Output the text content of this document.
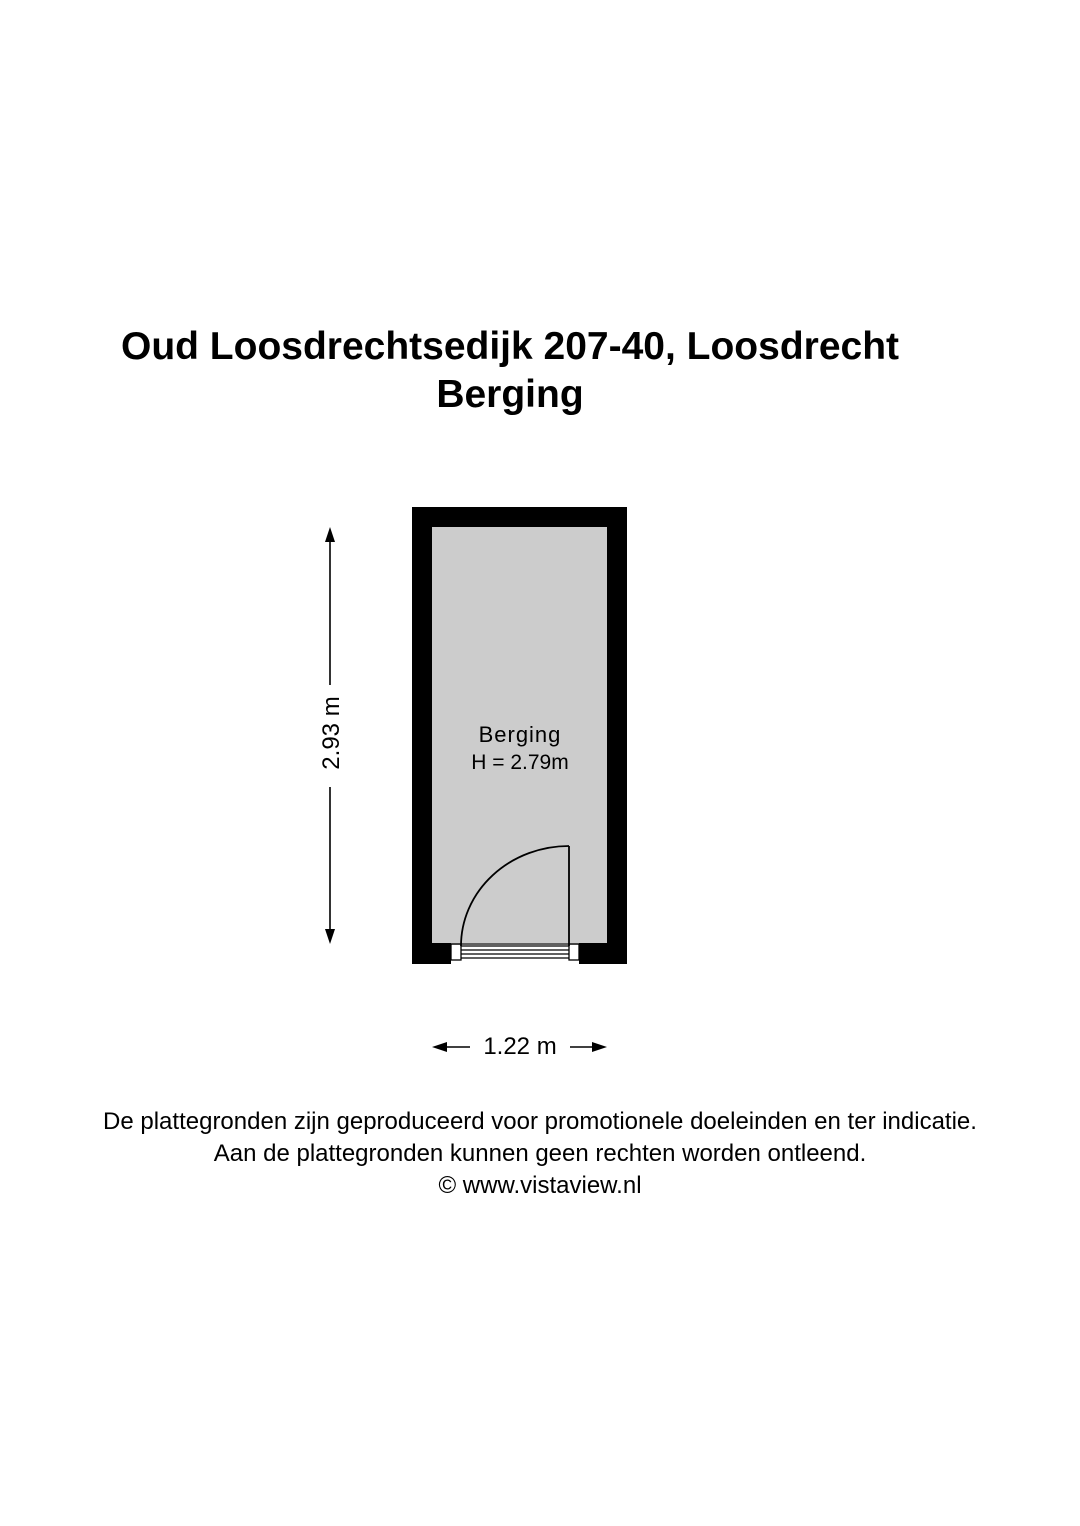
Oud Loosdrechtsedijk 207-40, Loosdrecht
Berging
Berging
H = 2.79m
2.93 m
1.22 m
De plattegronden zijn geproduceerd voor promotionele doeleinden en ter indicatie.
Aan de plattegronden kunnen geen rechten worden ontleend.
© www.vistaview.nl
